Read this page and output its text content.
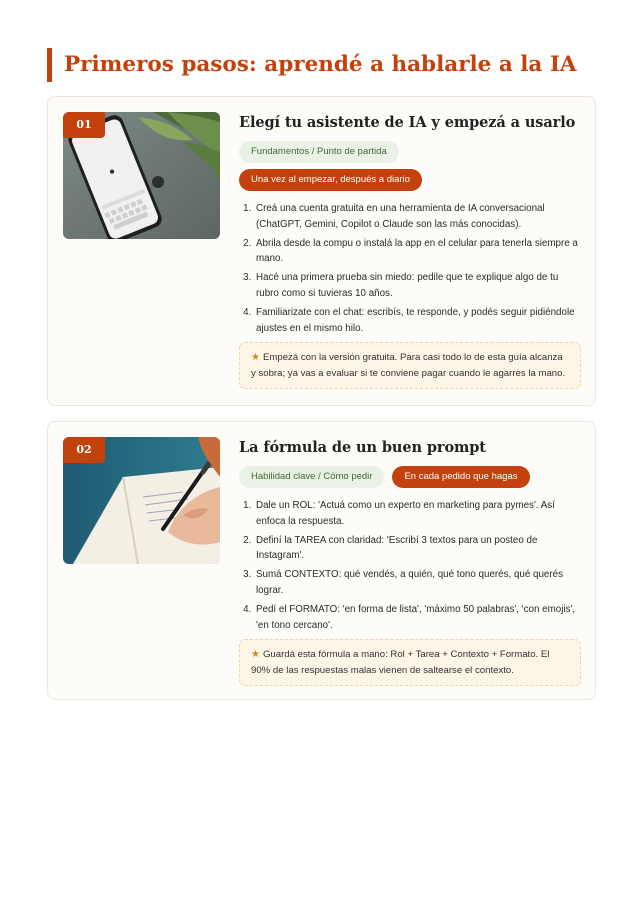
Primeros pasos: aprendé a hablarle a la IA
01	Elegí tu asistente de IA y empezá a usarlo
Fundamentos / Punto de partida
Una vez al empezar, después a diario
1. Creá una cuenta gratuita en una herramienta de IA conversacional (ChatGPT, Gemini, Copilot o Claude son las más conocidas).
2. Abrila desde la compu o instalá la app en el celular para tenerla siempre a mano.
3. Hacé una primera prueba sin miedo: pedile que te explique algo de tu rubro como si tuvieras 10 años.
4. Familiarizate con el chat: escribís, te responde, y podés seguir pidiéndole ajustes en el mismo hilo.
★ Empezá con la versión gratuita. Para casi todo lo de esta guía alcanza y sobra; ya vas a evaluar si te conviene pagar cuando le agarres la mano.
02	La fórmula de un buen prompt
Habilidad clave / Cómo pedir	En cada pedido que hagas
1. Dale un ROL: 'Actuá como un experto en marketing para pymes'. Así enfoca la respuesta.
2. Definí la TAREA con claridad: 'Escribí 3 textos para un posteo de Instagram'.
3. Sumá CONTEXTO: qué vendés, a quién, qué tono querés, qué querés lograr.
4. Pedí el FORMATO: 'en forma de lista', 'máximo 50 palabras', 'con emojis', 'en tono cercano'.
★ Guardá esta fórmula a mano: Rol + Tarea + Contexto + Formato. El 90% de las respuestas malas vienen de saltearse el contexto.
